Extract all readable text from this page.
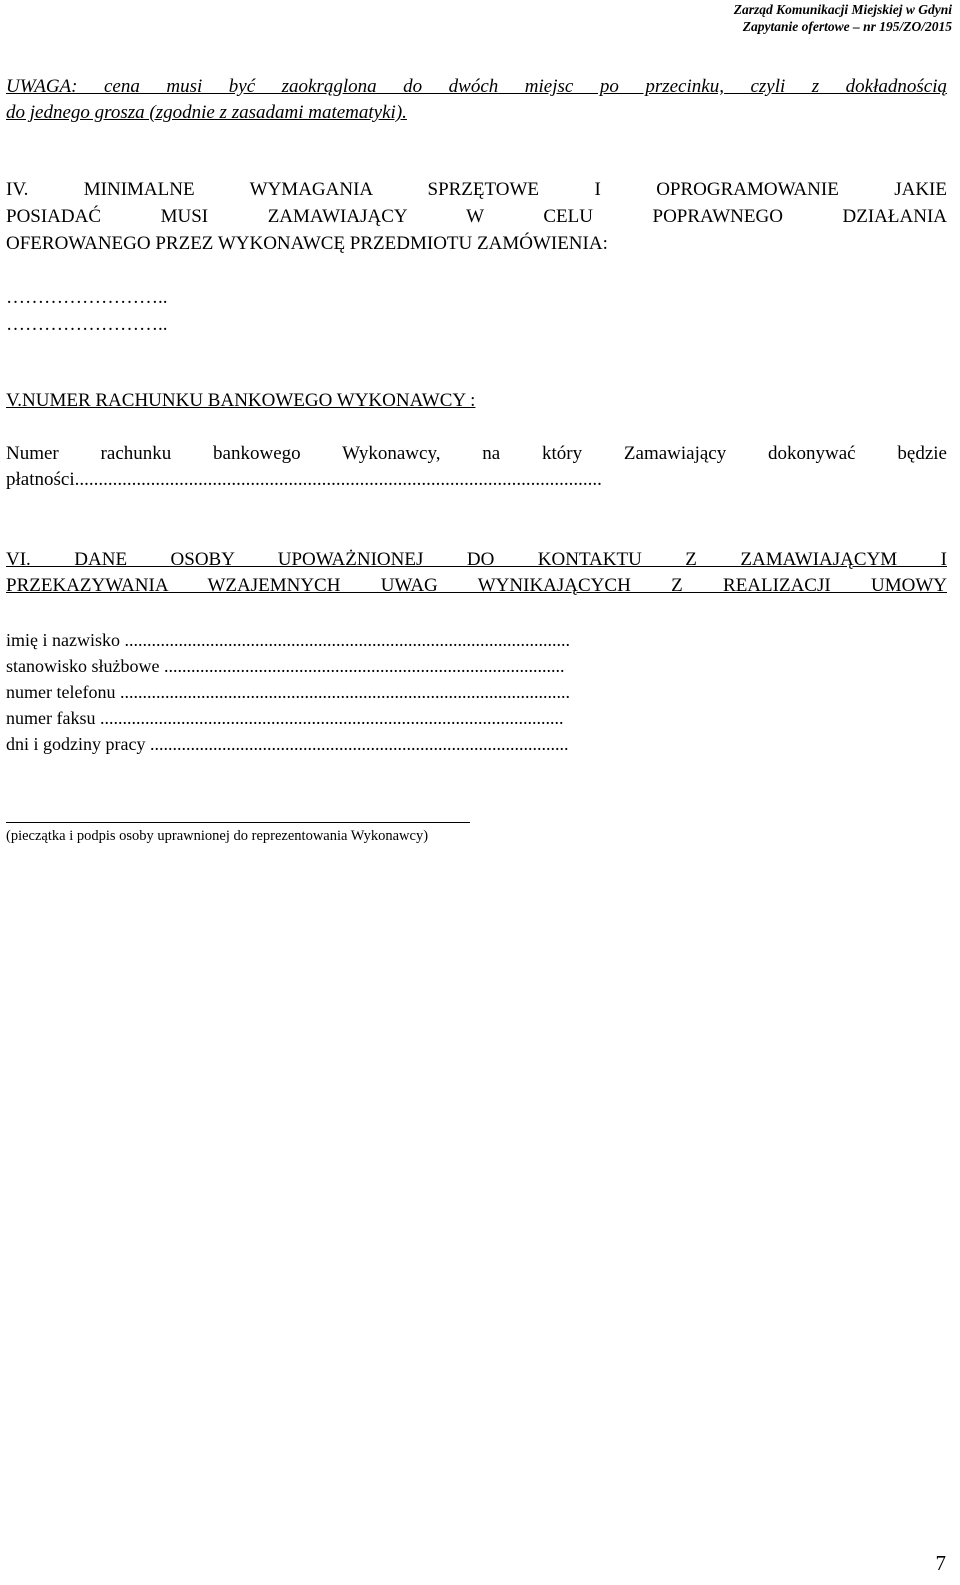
Zarząd Komunikacji Miejskiej w Gdyni
Zapytanie ofertowe – nr 195/ZO/2015
UWAGA: cena musi być zaokrąglona do dwóch miejsc po przecinku, czyli z dokładnością
do jednego grosza (zgodnie z zasadami matematyki).
IV. MINIMALNE WYMAGANIA SPRZĘTOWE I OPROGRAMOWANIE JAKIE
POSIADAĆ MUSI ZAMAWIAJĄCY W CELU POPRAWNEGO DZIAŁANIA
OFEROWANEGO PRZEZ WYKONAWCĘ PRZEDMIOTU ZAMÓWIENIA:
……………………..
……………………..
V.NUMER RACHUNKU BANKOWEGO WYKONAWCY :
Numer rachunku bankowego Wykonawcy, na który Zamawiający dokonywać będzie
płatności...............................................................................................................
VI. DANE OSOBY UPOWAŻNIONEJ DO KONTAKTU Z ZAMAWIAJĄCYM I
PRZEKAZYWANIA WZAJEMNYCH UWAG WYNIKAJĄCYCH Z REALIZACJI UMOWY
imię i nazwisko ...................................................................................................
stanowisko służbowe .........................................................................................
numer telefonu ....................................................................................................
numer faksu .......................................................................................................
dni i godziny pracy .............................................................................................
(pieczątka i podpis osoby uprawnionej do reprezentowania Wykonawcy)
7
